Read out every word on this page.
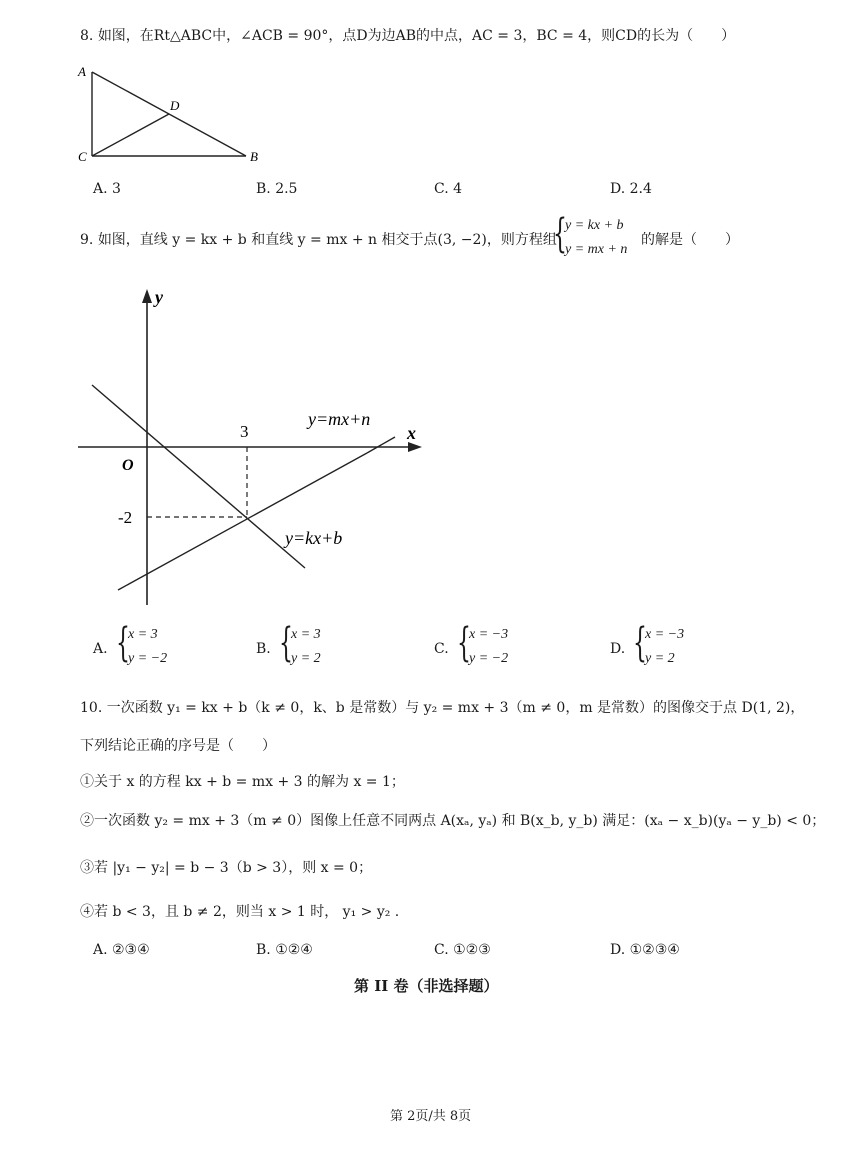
8. 如图，在Rt△ABC中，∠ACB = 90°，点D为边AB的中点，AC = 3，BC = 4，则CD的长为（　　）
A
D
C	B
A. 3	B. 2.5	C. 4	D. 2.4
9. 如图，直线 y = kx + b 和直线 y = mx + n 相交于点(3, −2)，则方程组
{
y = kx + b
y = mx + n
的解是（　　）
y
x
O
3
-2
y=mx+n
y=kx+b
A. {
x = 3
y = −2
B. {
x = 3
y = 2
C. {
x = −3
y = −2
D. {
x = −3
y = 2
10. 一次函数 y₁ = kx + b（k ≠ 0，k、b 是常数）与 y₂ = mx + 3（m ≠ 0，m 是常数）的图像交于点 D(1, 2)，
下列结论正确的序号是（　　）
①关于 x 的方程 kx + b = mx + 3 的解为 x = 1；
②一次函数 y₂ = mx + 3（m ≠ 0）图像上任意不同两点 A(xₐ, yₐ) 和 B(x_b, y_b) 满足：(xₐ − x_b)(yₐ − y_b) < 0；
③若 |y₁ − y₂| = b − 3（b > 3），则 x = 0；
④若 b < 3，且 b ≠ 2，则当 x > 1 时， y₁ > y₂ .
A. ②③④	B. ①②④	C. ①②③	D. ①②③④
第 II 卷（非选择题）
第 2页/共 8页
